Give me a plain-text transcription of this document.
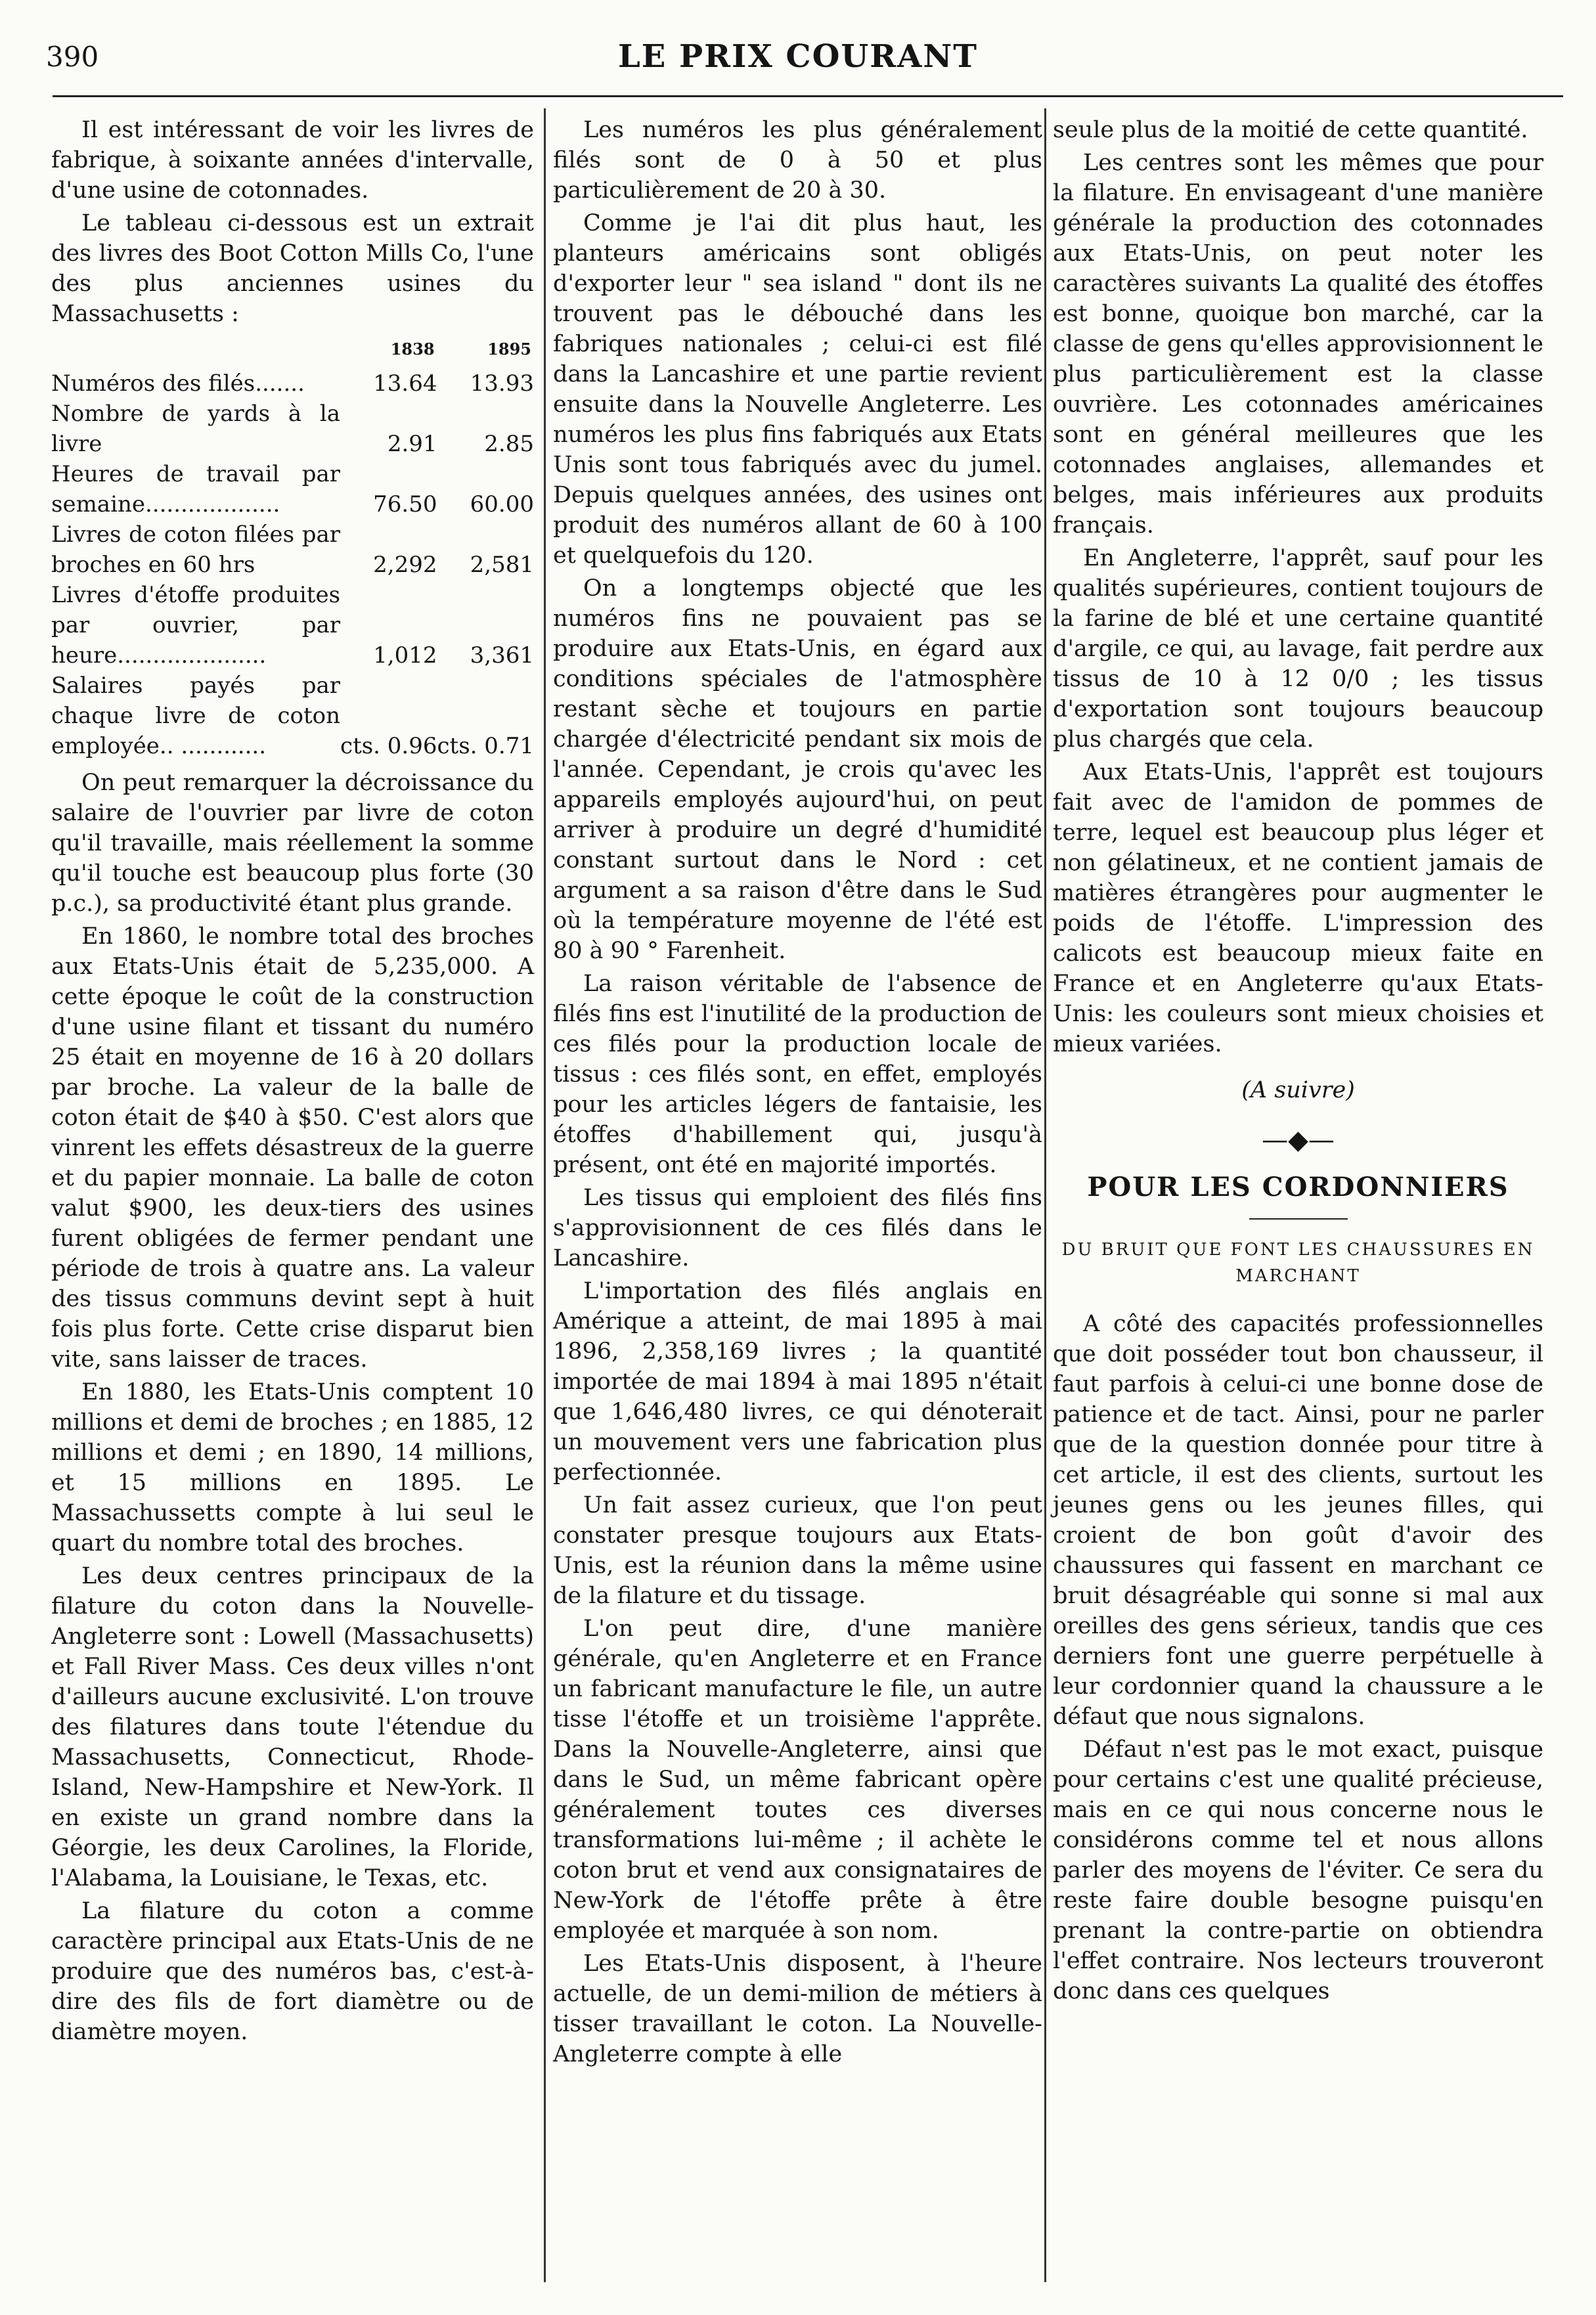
390	LE PRIX COURANT

Il est intéressant de voir les livres de fabrique, à soixante années d'intervalle, d'une usine de cotonnades.

Le tableau ci-dessous est un extrait des livres des Boot Cotton Mills Co, l'une des plus anciennes usines du Massachusetts :

	1838	1895
Numéros des filés.......	13.64	13.93
Nombre de yards à la livre	2.91	2.85
Heures de travail par semaine...................	76.50	60.00
Livres de coton filées par broches en 60 hrs	2,292	2,581
Livres d'étoffe produites par ouvrier, par heure.....................	1,012	3,361
Salaires payés par chaque livre de coton employée.. ............	cts. 0.96	cts. 0.71

On peut remarquer la décroissance du salaire de l'ouvrier par livre de coton qu'il travaille, mais réellement la somme qu'il touche est beaucoup plus forte (30 p.c.), sa productivité étant plus grande.

En 1860, le nombre total des broches aux Etats-Unis était de 5,235,000. A cette époque le coût de la construction d'une usine filant et tissant du numéro 25 était en moyenne de 16 à 20 dollars par broche. La valeur de la balle de coton était de $40 à $50. C'est alors que vinrent les effets désastreux de la guerre et du papier monnaie. La balle de coton valut $900, les deux-tiers des usines furent obligées de fermer pendant une période de trois à quatre ans. La valeur des tissus communs devint sept à huit fois plus forte. Cette crise disparut bien vite, sans laisser de traces.

En 1880, les Etats-Unis comptent 10 millions et demi de broches ; en 1885, 12 millions et demi ; en 1890, 14 millions, et 15 millions en 1895. Le Massachussetts compte à lui seul le quart du nombre total des broches.

Les deux centres principaux de la filature du coton dans la Nouvelle-Angleterre sont : Lowell (Massachusetts) et Fall River Mass. Ces deux villes n'ont d'ailleurs aucune exclusivité. L'on trouve des filatures dans toute l'étendue du Massachusetts, Connecticut, Rhode-Island, New-Hampshire et New-York. Il en existe un grand nombre dans la Géorgie, les deux Carolines, la Floride, l'Alabama, la Louisiane, le Texas, etc.

La filature du coton a comme caractère principal aux Etats-Unis de ne produire que des numéros bas, c'est-à-dire des fils de fort diamètre ou de diamètre moyen.

Les numéros les plus généralement filés sont de 0 à 50 et plus particulièrement de 20 à 30.

Comme je l'ai dit plus haut, les planteurs américains sont obligés d'exporter leur " sea island " dont ils ne trouvent pas le débouché dans les fabriques nationales ; celui-ci est filé dans la Lancashire et une partie revient ensuite dans la Nouvelle Angleterre. Les numéros les plus fins fabriqués aux Etats Unis sont tous fabriqués avec du jumel. Depuis quelques années, des usines ont produit des numéros allant de 60 à 100 et quelquefois du 120.

On a longtemps objecté que les numéros fins ne pouvaient pas se produire aux Etats-Unis, en égard aux conditions spéciales de l'atmosphère restant sèche et toujours en partie chargée d'électricité pendant six mois de l'année. Cependant, je crois qu'avec les appareils employés aujourd'hui, on peut arriver à produire un degré d'humidité constant surtout dans le Nord : cet argument a sa raison d'être dans le Sud où la température moyenne de l'été est 80 à 90 ° Farenheit.

La raison véritable de l'absence de filés fins est l'inutilité de la production de ces filés pour la production locale de tissus : ces filés sont, en effet, employés pour les articles légers de fantaisie, les étoffes d'habillement qui, jusqu'à présent, ont été en majorité importés.

Les tissus qui emploient des filés fins s'approvisionnent de ces filés dans le Lancashire.

L'importation des filés anglais en Amérique a atteint, de mai 1895 à mai 1896, 2,358,169 livres ; la quantité importée de mai 1894 à mai 1895 n'était que 1,646,480 livres, ce qui dénoterait un mouvement vers une fabrication plus perfectionnée.

Un fait assez curieux, que l'on peut constater presque toujours aux Etats-Unis, est la réunion dans la même usine de la filature et du tissage.

L'on peut dire, d'une manière générale, qu'en Angleterre et en France un fabricant manufacture le file, un autre tisse l'étoffe et un troisième l'apprête. Dans la Nouvelle-Angleterre, ainsi que dans le Sud, un même fabricant opère généralement toutes ces diverses transformations lui-même ; il achète le coton brut et vend aux consignataires de New-York de l'étoffe prête à être employée et marquée à son nom.

Les Etats-Unis disposent, à l'heure actuelle, de un demi-milion de métiers à tisser travaillant le coton. La Nouvelle-Angleterre compte à elle

seule plus de la moitié de cette quantité.

Les centres sont les mêmes que pour la filature. En envisageant d'une manière générale la production des cotonnades aux Etats-Unis, on peut noter les caractères suivants La qualité des étoffes est bonne, quoique bon marché, car la classe de gens qu'elles approvisionnent le plus particulièrement est la classe ouvrière. Les cotonnades américaines sont en général meilleures que les cotonnades anglaises, allemandes et belges, mais inférieures aux produits français.

En Angleterre, l'apprêt, sauf pour les qualités supérieures, contient toujours de la farine de blé et une certaine quantité d'argile, ce qui, au lavage, fait perdre aux tissus de 10 à 12 0/0 ; les tissus d'exportation sont toujours beaucoup plus chargés que cela.

Aux Etats-Unis, l'apprêt est toujours fait avec de l'amidon de pommes de terre, lequel est beaucoup plus léger et non gélatineux, et ne contient jamais de matières étrangères pour augmenter le poids de l'étoffe. L'impression des calicots est beaucoup mieux faite en France et en Angleterre qu'aux Etats-Unis: les couleurs sont mieux choisies et mieux variées.

(A suivre)
—◆—
POUR LES CORDONNIERS
DU BRUIT QUE FONT LES CHAUSSURES EN MARCHANT

A côté des capacités professionnelles que doit posséder tout bon chausseur, il faut parfois à celui-ci une bonne dose de patience et de tact. Ainsi, pour ne parler que de la question donnée pour titre à cet article, il est des clients, surtout les jeunes gens ou les jeunes filles, qui croient de bon goût d'avoir des chaussures qui fassent en marchant ce bruit désagréable qui sonne si mal aux oreilles des gens sérieux, tandis que ces derniers font une guerre perpétuelle à leur cordonnier quand la chaussure a le défaut que nous signalons.

Défaut n'est pas le mot exact, puisque pour certains c'est une qualité précieuse, mais en ce qui nous concerne nous le considérons comme tel et nous allons parler des moyens de l'éviter. Ce sera du reste faire double besogne puisqu'en prenant la contre-partie on obtiendra l'effet contraire. Nos lecteurs trouveront donc dans ces quelques
